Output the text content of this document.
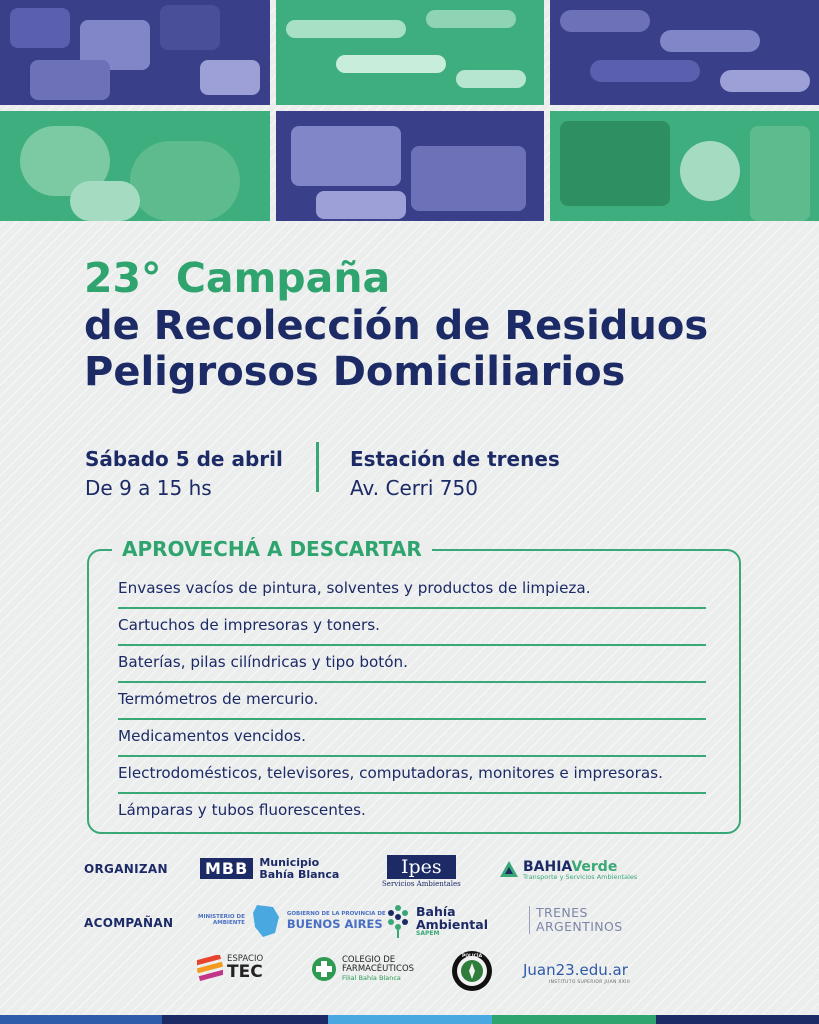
23° Campaña
de Recolección de Residuos
Peligrosos Domiciliarios
Sábado 5 de abril
De 9 a 15 hs
Estación de trenes
Av. Cerri 750
APROVECHÁ A DESCARTAR
Envases vacíos de pintura, solventes y productos de limpieza.
Cartuchos de impresoras y toners.
Baterías, pilas cilíndricas y tipo botón.
Termómetros de mercurio.
Medicamentos vencidos.
Electrodomésticos, televisores, computadoras, monitores e impresoras.
Lámparas y tubos fluorescentes.
ORGANIZAN	MBB	Municipio
Bahía Blanca	Ipes
Servicios Ambientales
BAHIAVerde
Transporte y Servicios Ambientales
ACOMPAÑAN	MINISTERIO DE
AMBIENTE
GOBIERNO DE LA PROVINCIA DE
BUENOS AIRES
Bahía
Ambiental
SAPEM
TRENES
ARGENTINOS
ESPACIO
TEC
COLEGIO DE
FARMACÉUTICOS
Filial Bahía Blanca
POLICÍA
Juan23.edu.ar
INSTITUTO SUPERIOR JUAN XXIII
